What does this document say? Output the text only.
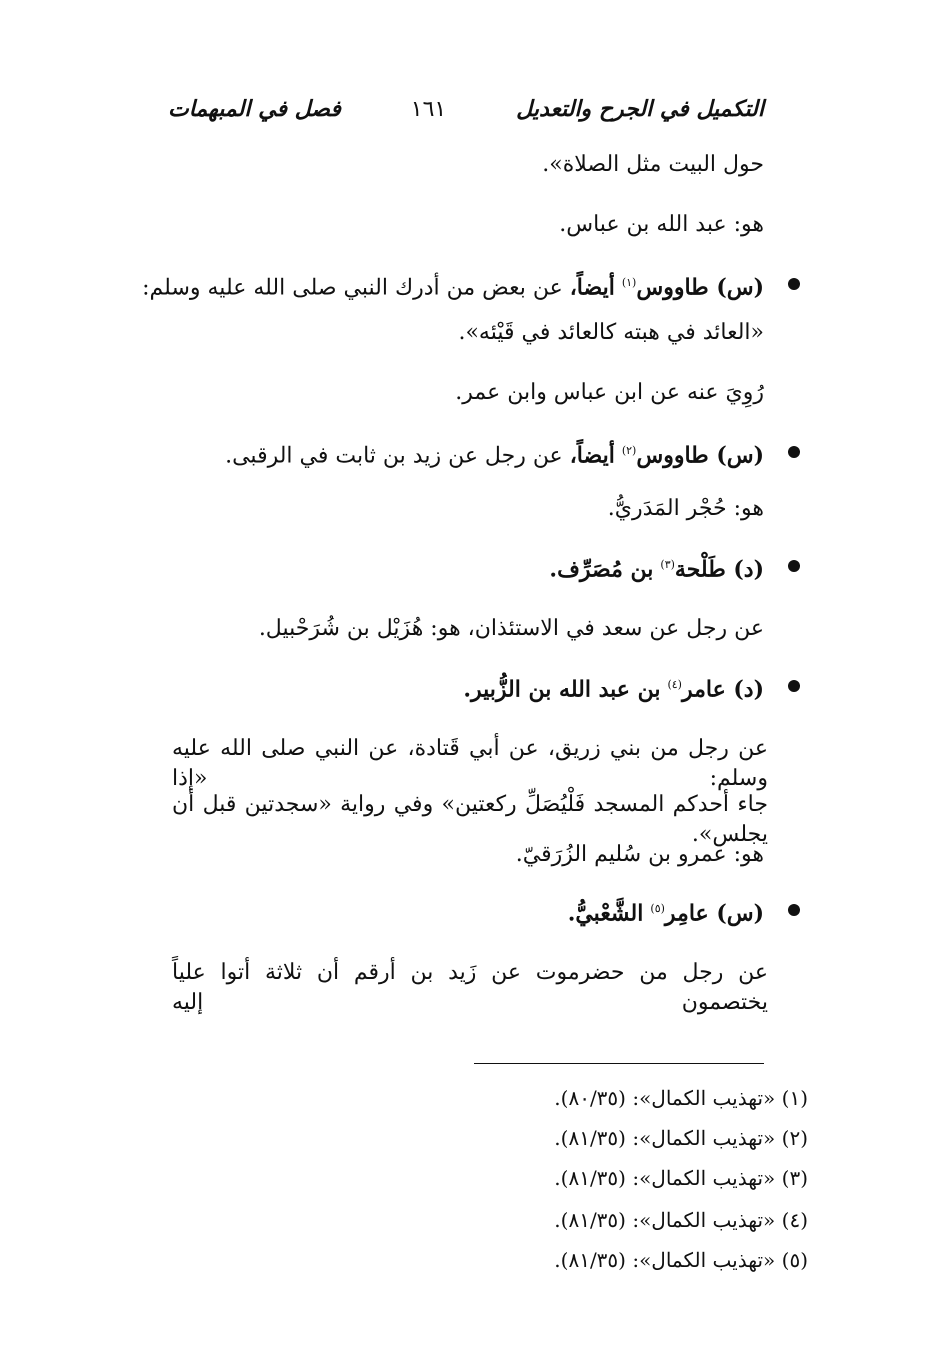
التكميل في الجرح والتعديل
١٦١
فصل في المبهمات
حول البيت مثل الصلاة».
هو: عبد الله بن عباس.
(س) طاووس$^{(١)}$ أيضاً، عن بعض من أدرك النبي صلى الله عليه وسلم:
«العائد في هبته كالعائد في قَيْئه».
رُوِيَ عنه عن ابن عباس وابن عمر.
(س) طاووس$^{(٢)}$ أيضاً، عن رجل عن زيد بن ثابت في الرقبى.
هو: حُجْر المَدَريُّ.
(د) طَلْحة$^{(٣)}$ بن مُصَرِّف.
عن رجل عن سعد في الاستئذان، هو: هُزَيْل بن شُرَحْبيل.
(د) عامر$^{(٤)}$ بن عبد الله بن الزُّبير.
عن رجل من بني زريق، عن أبي قَتادة، عن النبي صلى الله عليه وسلم: «إذا
جاء أحدكم المسجد فَلْيُصَلِّ ركعتين» وفي رواية «سجدتين قبل أن يجلس».
هو: عمرو بن سُليم الزُرَقيّ.
(س) عامِر$^{(٥)}$ الشَّعْبيُّ.
عن رجل من حضرموت عن زَيد بن أرقم أن ثلاثة أتوا علياً يختصمون إليه
(١) «تهذيب الكمال»: (٨٠/٣٥).
(٢) «تهذيب الكمال»: (٨١/٣٥).
(٣) «تهذيب الكمال»: (٨١/٣٥).
(٤) «تهذيب الكمال»: (٨١/٣٥).
(٥) «تهذيب الكمال»: (٨١/٣٥).
